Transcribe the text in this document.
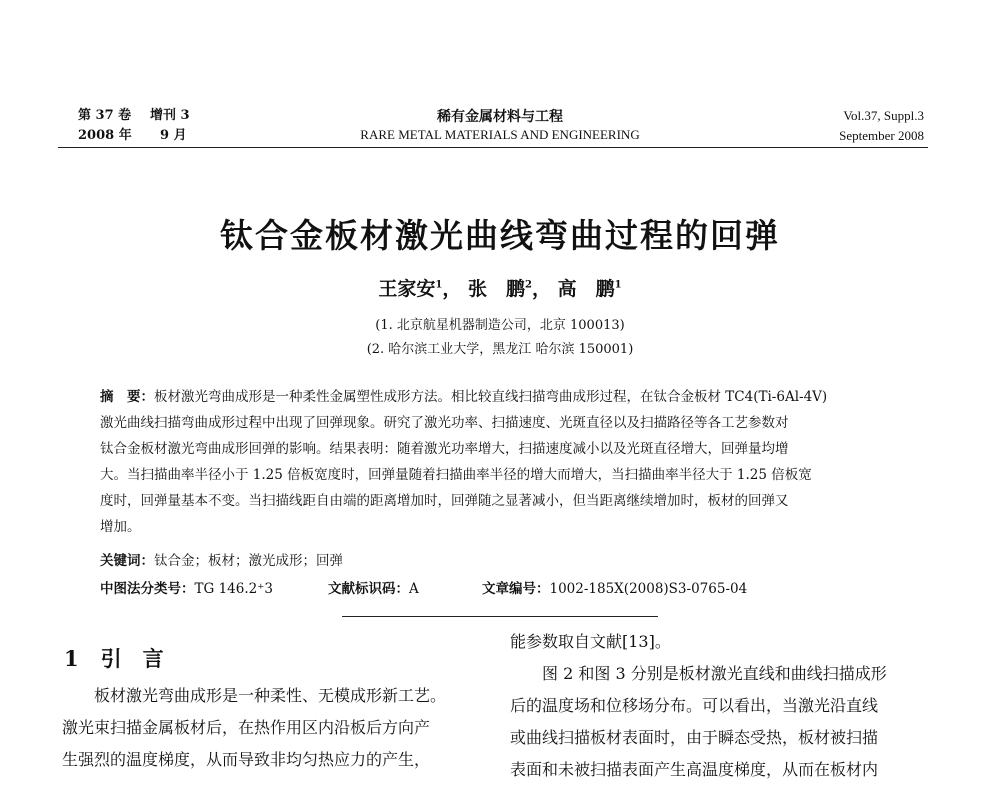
第 37 卷 增刊 3
2008 年 9 月
稀有金属材料与工程
RARE METAL MATERIALS AND ENGINEERING
Vol.37, Suppl.3
September 2008
钛合金板材激光曲线弯曲过程的回弹
王家安$^1$， 张　鹏$^2$， 高　鹏$^1$
(1. 北京航星机器制造公司，北京 100013)
(2. 哈尔滨工业大学，黑龙江 哈尔滨 150001)
摘　要：板材激光弯曲成形是一种柔性金属塑性成形方法。相比较直线扫描弯曲成形过程，在钛合金板材 TC4(Ti-6Al-4V)
激光曲线扫描弯曲成形过程中出现了回弹现象。研究了激光功率、扫描速度、光斑直径以及扫描路径等各工艺参数对
钛合金板材激光弯曲成形回弹的影响。结果表明：随着激光功率增大，扫描速度减小以及光斑直径增大，回弹量均增
大。当扫描曲率半径小于 1.25 倍板宽度时，回弹量随着扫描曲率半径的增大而增大，当扫描曲率半径大于 1.25 倍板宽
度时，回弹量基本不变。当扫描线距自由端的距离增加时，回弹随之显著减小，但当距离继续增加时，板材的回弹又
增加。
关键词：钛合金；板材；激光成形；回弹
中图法分类号：TG 146.2⁺3	文献标识码：A	文章编号：1002-185X(2008)S3-0765-04
1 引　言
　　板材激光弯曲成形是一种柔性、无模成形新工艺。
激光束扫描金属板材后，在热作用区内沿板后方向产
生强烈的温度梯度，从而导致非均匀热应力的产生，
能参数取自文献[13]。
　　图 2 和图 3 分别是板材激光直线和曲线扫描成形
后的温度场和位移场分布。可以看出，当激光沿直线
或曲线扫描板材表面时，由于瞬态受热，板材被扫描
表面和未被扫描表面产生高温度梯度，从而在板材内
